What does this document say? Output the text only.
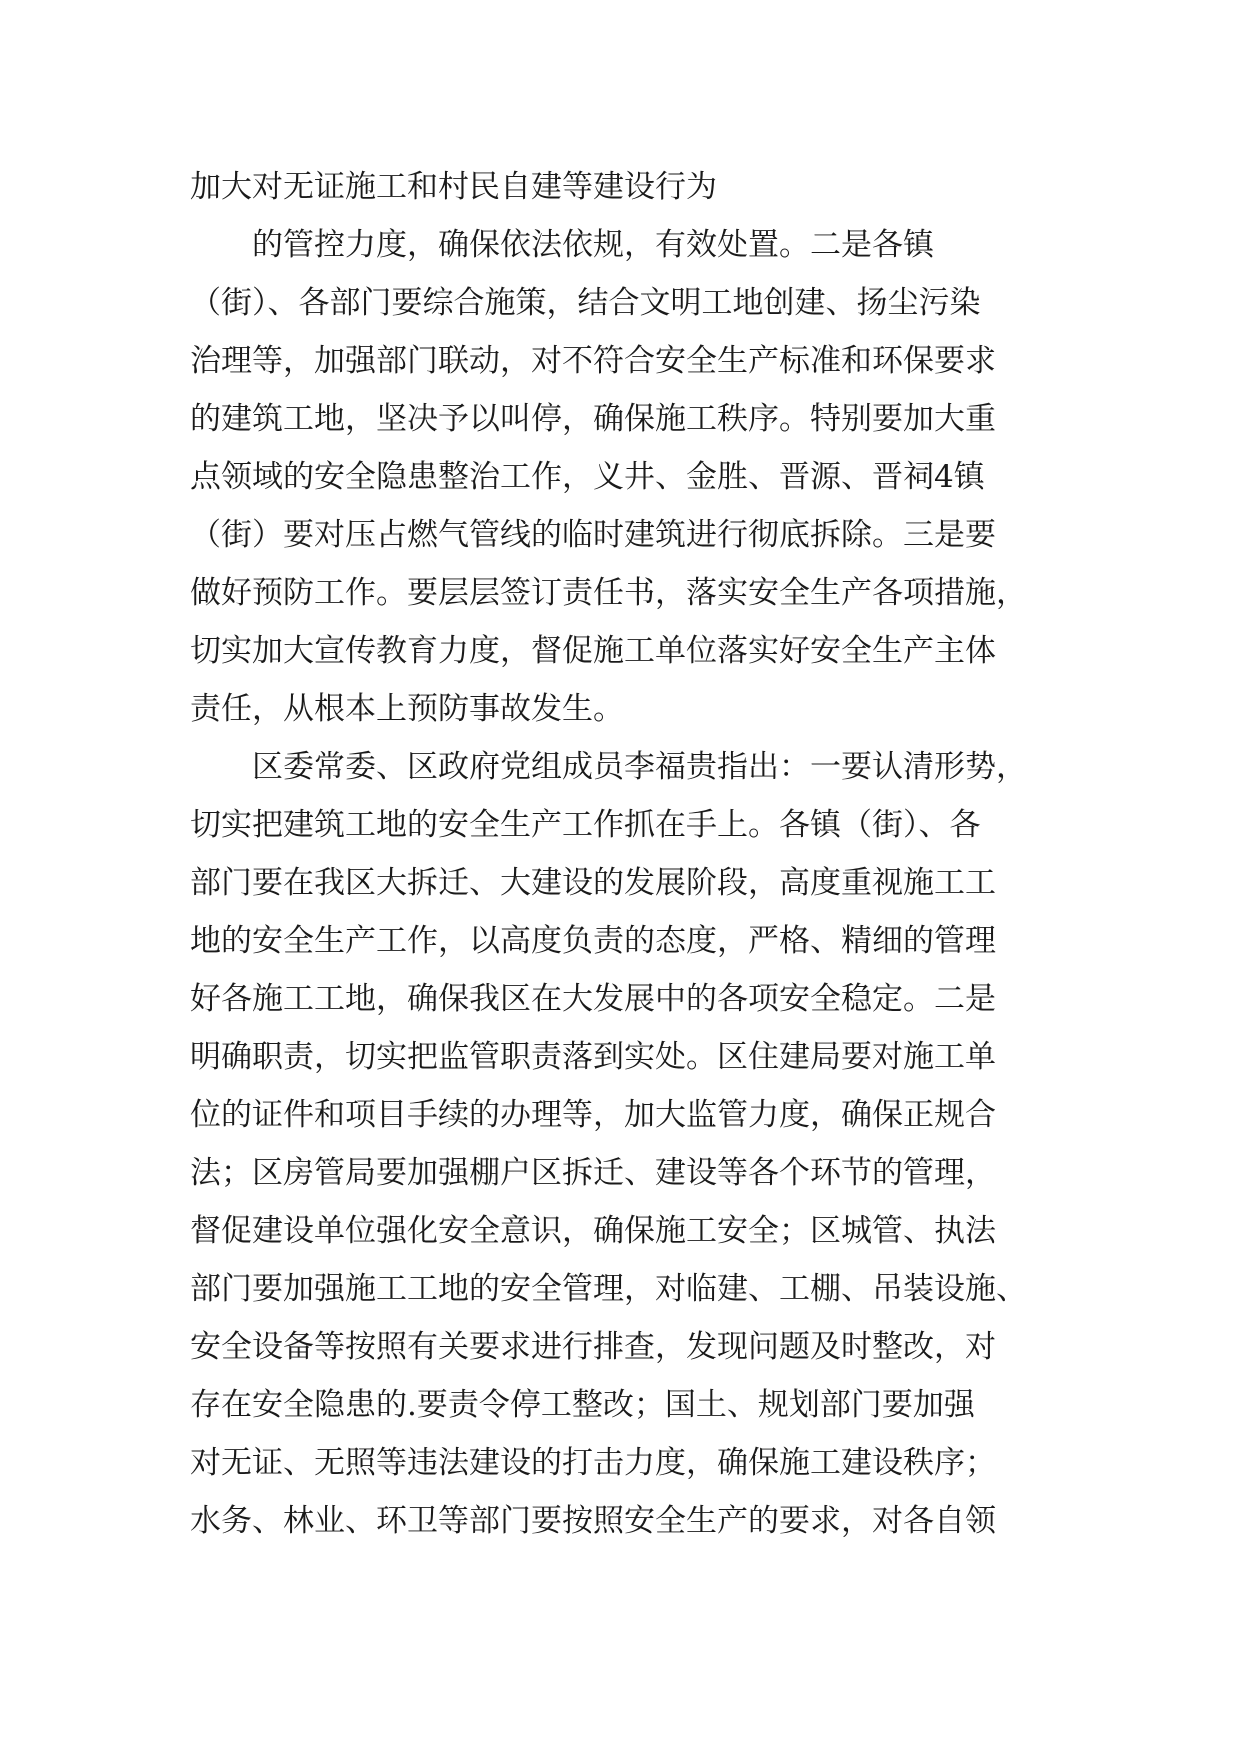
加大对无证施工和村民自建等建设行为
的管控力度，确保依法依规，有效处置。二是各镇
（街）、各部门要综合施策，结合文明工地创建、扬尘污染
治理等，加强部门联动，对不符合安全生产标准和环保要求
的建筑工地，坚决予以叫停，确保施工秩序。特别要加大重
点领域的安全隐患整治工作，义井、金胜、晋源、晋祠4镇
（街）要对压占燃气管线的临时建筑进行彻底拆除。三是要
做好预防工作。要层层签订责任书，落实安全生产各项措施，
切实加大宣传教育力度，督促施工单位落实好安全生产主体
责任，从根本上预防事故发生。
区委常委、区政府党组成员李福贵指出：一要认清形势，
切实把建筑工地的安全生产工作抓在手上。各镇（街）、各
部门要在我区大拆迁、大建设的发展阶段，高度重视施工工
地的安全生产工作，以高度负责的态度，严格、精细的管理
好各施工工地，确保我区在大发展中的各项安全稳定。二是
明确职责，切实把监管职责落到实处。区住建局要对施工单
位的证件和项目手续的办理等，加大监管力度，确保正规合
法；区房管局要加强棚户区拆迁、建设等各个环节的管理，
督促建设单位强化安全意识，确保施工安全；区城管、执法
部门要加强施工工地的安全管理，对临建、工棚、吊装设施、
安全设备等按照有关要求进行排查，发现问题及时整改，对
存在安全隐患的.要责令停工整改；国土、规划部门要加强
对无证、无照等违法建设的打击力度，确保施工建设秩序；
水务、林业、环卫等部门要按照安全生产的要求，对各自领
